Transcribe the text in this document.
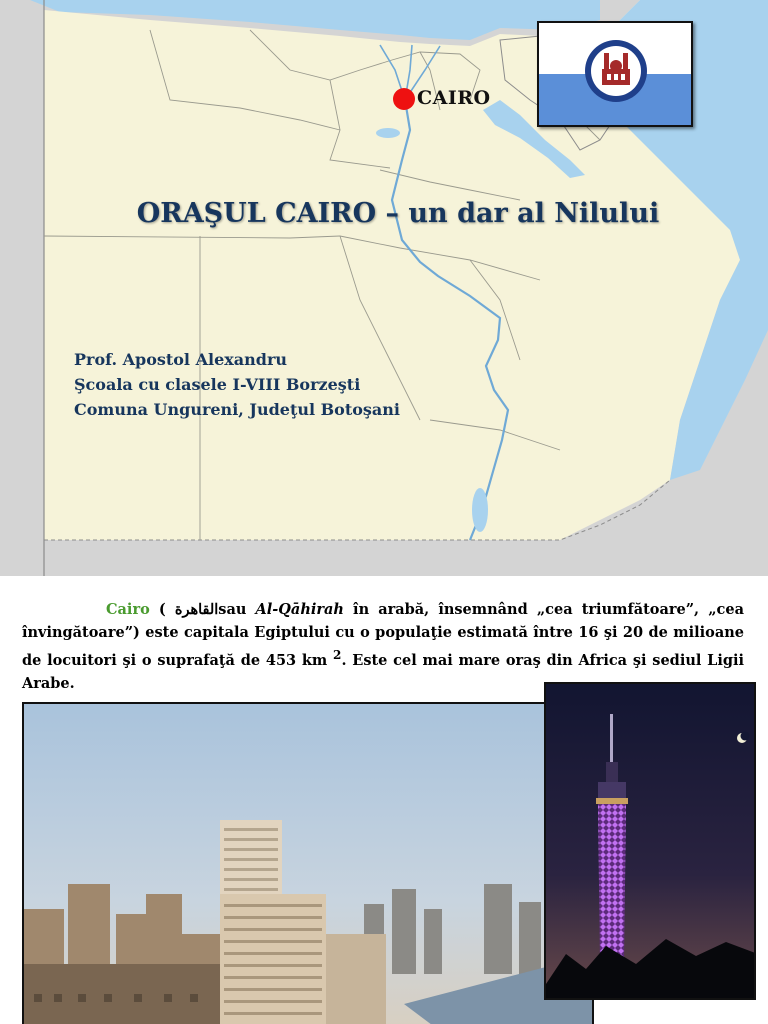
CAIRO
ORAŞUL CAIRO – un dar al Nilului
Prof. Apostol Alexandru
Şcoala cu clasele I-VIII Borzeşti
Comuna Ungureni, Judeţul Botoşani
Cairo ( القاهرةsau Al-Qāhirah în arabă, însemnând „cea triumfătoare”, „cea învingătoare”) este capitala Egiptului cu o populaţie estimată între 16 şi 20 de milioane de locuitori şi o suprafaţă de 453 km $^2$. Este cel mai mare oraş din Africa şi sediul Ligii Arabe.
